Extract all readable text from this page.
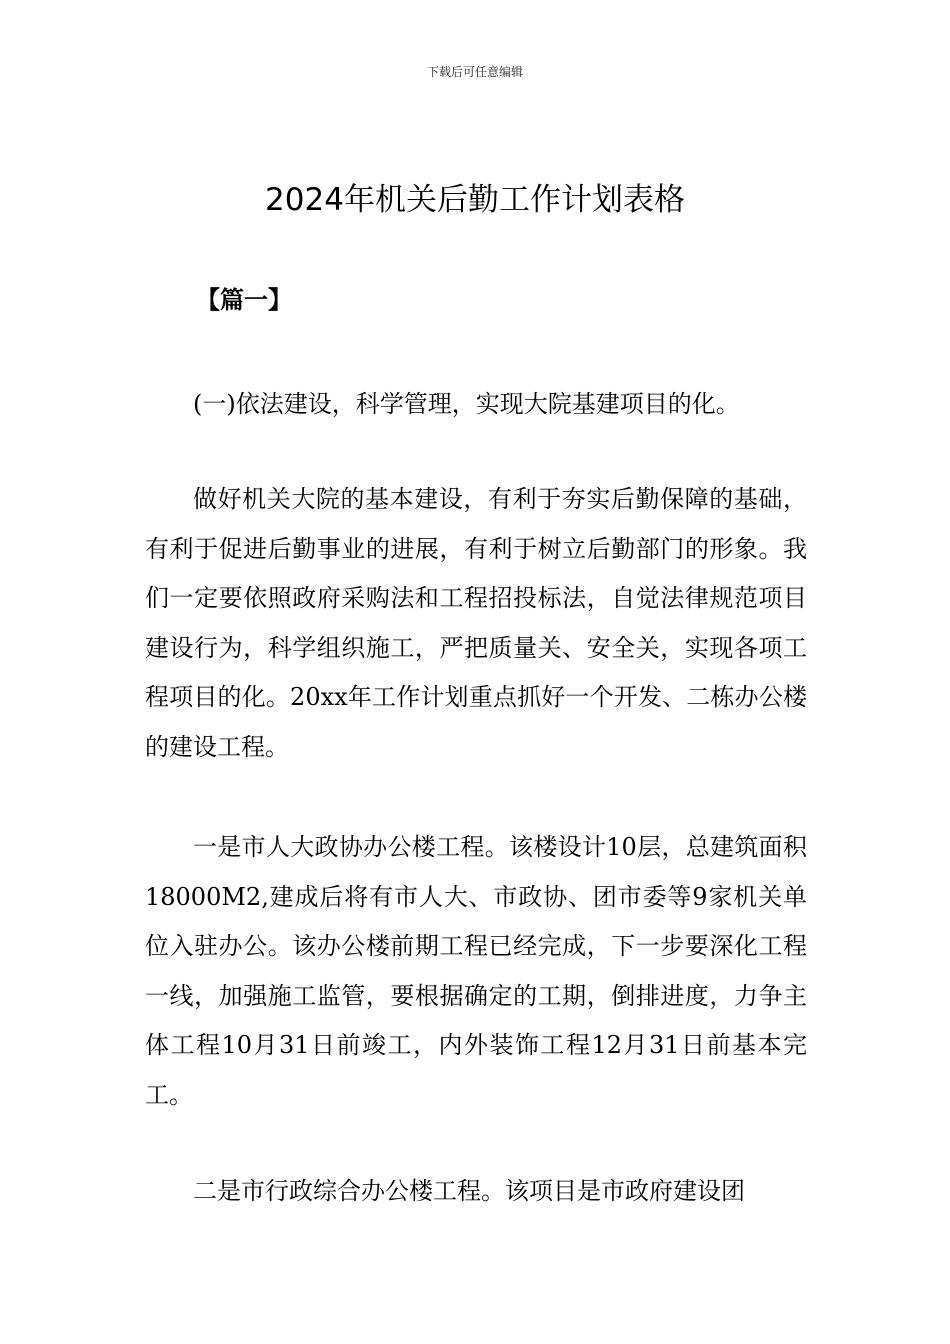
下载后可任意编辑
2024年机关后勤工作计划表格
【篇一】

(一)依法建设，科学管理，实现大院基建项目的化。

做好机关大院的基本建设，有利于夯实后勤保障的基础，有利于促进后勤事业的进展，有利于树立后勤部门的形象。我们一定要依照政府采购法和工程招投标法，自觉法律规范项目建设行为，科学组织施工，严把质量关、安全关，实现各项工程项目的化。20xx年工作计划重点抓好一个开发、二栋办公楼的建设工程。

一是市人大政协办公楼工程。该楼设计10层，总建筑面积18000M2,建成后将有市人大、市政协、团市委等9家机关单位入驻办公。该办公楼前期工程已经完成，下一步要深化工程一线，加强施工监管，要根据确定的工期，倒排进度，力争主体工程10月31日前竣工，内外装饰工程12月31日前基本完工。

二是市行政综合办公楼工程。该项目是市政府建设团
